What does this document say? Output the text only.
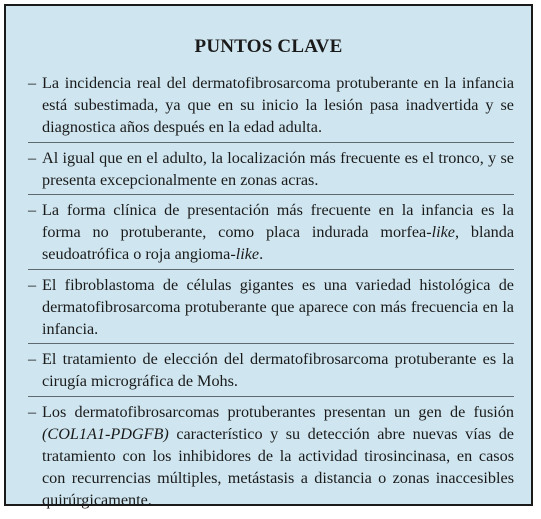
PUNTOS CLAVE
– La incidencia real del dermatofibrosarcoma protuberante en la infancia está subestimada, ya que en su inicio la lesión pasa inadvertida y se diagnostica años después en la edad adulta.
– Al igual que en el adulto, la localización más frecuente es el tronco, y se presenta excepcionalmente en zonas acras.
– La forma clínica de presentación más frecuente en la infancia es la forma no protuberante, como placa indurada morfea-like, blanda seudoatrófica o roja angioma-like.
– El fibroblastoma de células gigantes es una variedad histológica de dermatofibrosarcoma protuberante que aparece con más frecuencia en la infancia.
– El tratamiento de elección del dermatofibrosarcoma protuberante es la cirugía micrográfica de Mohs.
– Los dermatofibrosarcomas protuberantes presentan un gen de fusión (COL1A1-PDGFB) característico y su detección abre nuevas vías de tratamiento con los inhibidores de la actividad tirosincinasa, en casos con recurrencias múltiples, metástasis a distancia o zonas inaccesibles quirúrgicamente.
